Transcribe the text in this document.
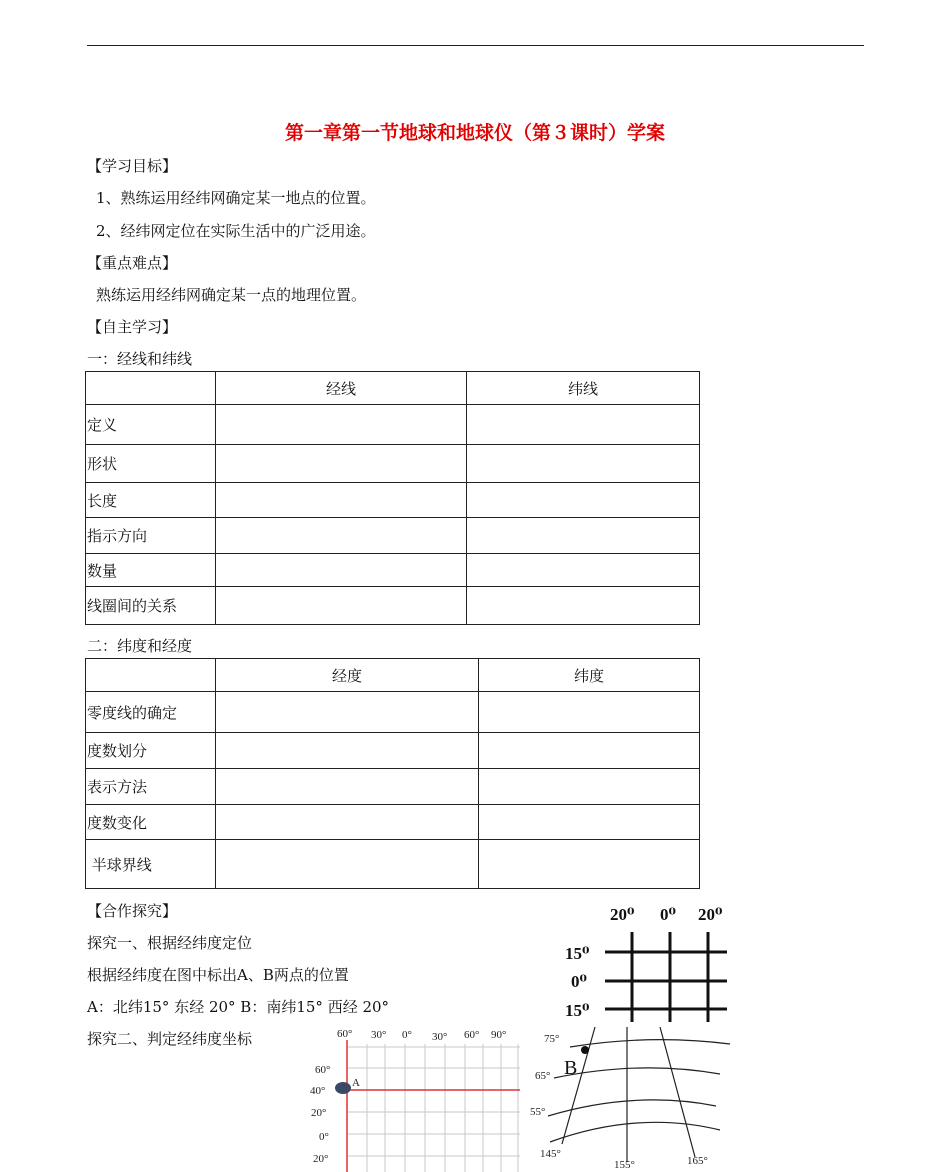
第一章第一节地球和地球仪（第３课时）学案
【学习目标】
1、熟练运用经纬网确定某一地点的位置。
2、经纬网定位在实际生活中的广泛用途。
【重点难点】
熟练运用经纬网确定某一点的地理位置。
【自主学习】
一：经线和纬线
	经线	纬线
定义		
形状		
长度		
指示方向		
数量		
线圈间的关系		
二：纬度和经度
	经度	纬度
零度线的确定		
度数划分		
表示方法		
度数变化		
半球界线		
【合作探究】
探究一、根据经纬度定位
根据经纬度在图中标出A、B两点的位置
A：北纬15° 东经 20° B：南纬15° 西经 20°
探究二、判定经纬度坐标
20⁰ 0⁰ 20⁰
15⁰
0⁰
15⁰
60° 30° 0° 30° 60° 90°
60°
40°
20°
0°
20°
A
75°
65°
55°
145°
155°	165°
B
